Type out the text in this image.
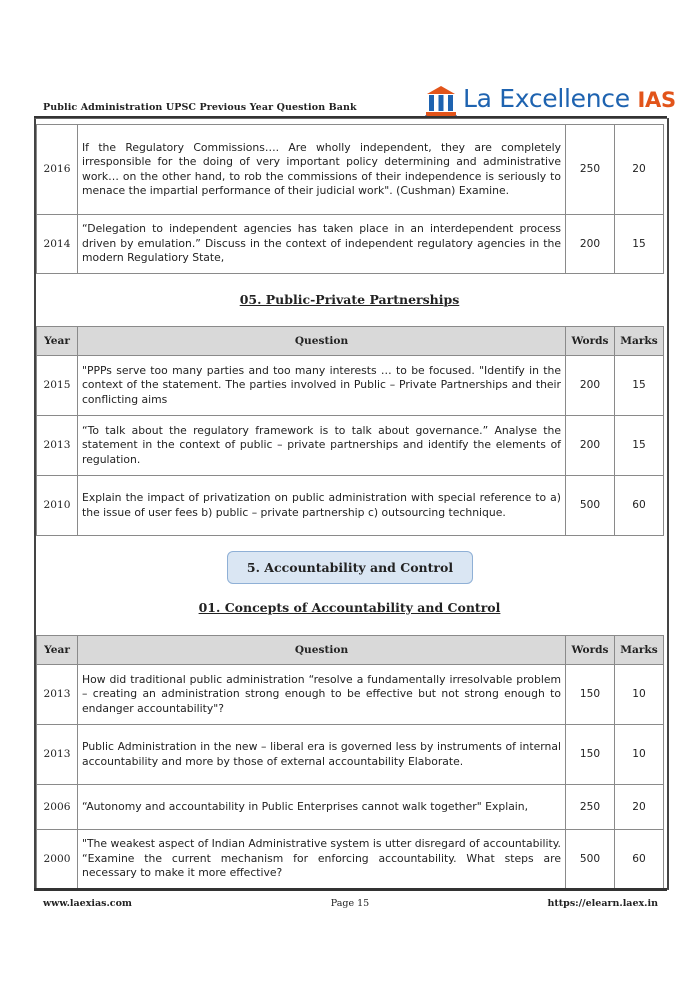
Public Administration UPSC Previous Year Question Bank	La Excellence IAS
2016	If the Regulatory Commissions…. Are wholly independent, they are completely irresponsible for the doing of very important policy determining and administrative work… on the other hand, to rob the commissions of their independence is seriously to menace the impartial performance of their judicial work". (Cushman) Examine.	250	20
2014	“Delegation to independent agencies has taken place in an interdependent process driven by emulation.” Discuss in the context of independent regulatory agencies in the modern Regulatiory State,	200	15
05. Public-Private Partnerships
Year	Question	Words	Marks
2015	"PPPs serve too many parties and too many interests … to be focused. "Identify in the context of the statement. The parties involved in Public – Private Partnerships and their conflicting aims	200	15
2013	“To talk about the regulatory framework is to talk about governance.” Analyse the statement in the context of public – private partnerships and identify the elements of regulation.	200	15
2010	Explain the impact of privatization on public administration with special reference to a) the issue of user fees b) public – private partnership c) outsourcing technique.	500	60
5. Accountability and Control
01. Concepts of Accountability and Control
Year	Question	Words	Marks
2013	How did traditional public administration “resolve a fundamentally irresolvable problem – creating an administration strong enough to be effective but not strong enough to endanger accountability"?	150	10
2013	Public Administration in the new – liberal era is governed less by instruments of internal accountability and more by those of external accountability Elaborate.	150	10
2006	“Autonomy and accountability in Public Enterprises cannot walk together" Explain,	250	20
2000	"The weakest aspect of Indian Administrative system is utter disregard of accountability. “Examine the current mechanism for enforcing accountability. What steps are necessary to make it more effective?	500	60
www.laexias.com	Page 15	https://elearn.laex.in
